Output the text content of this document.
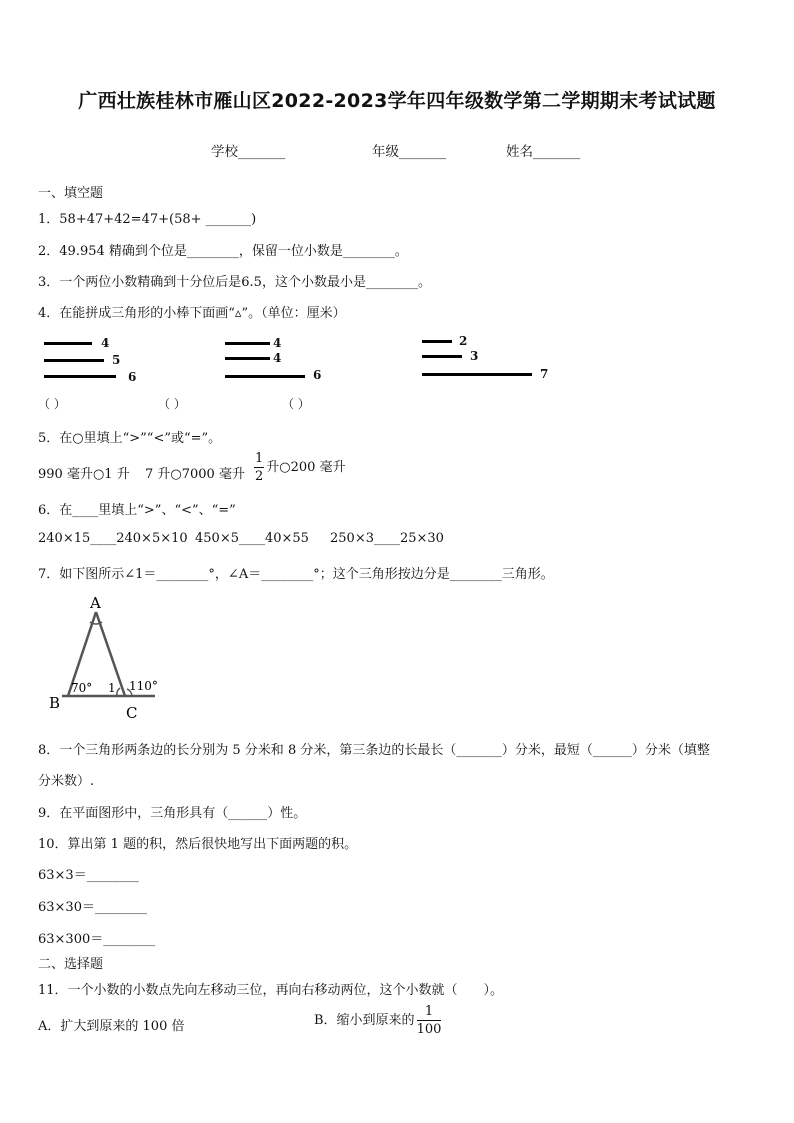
广西壮族桂林市雁山区2022-2023学年四年级数学第二学期期末考试试题
学校_______	年级_______	姓名_______
一、填空题
1．58+47+42=47+(58+ _______)
2．49.954 精确到个位是________，保留一位小数是________。
3．一个两位小数精确到十分位后是6.5，这个小数最小是________。
4．在能拼成三角形的小棒下面画“▵”。（单位：厘米）
4
5
6
（ ）
4
4
6
（ ）
2
3
7
（ ）
5．在○里填上“>”“<”或“=”。
990 毫升○1 升 7 升○7000 毫升 $\frac{1}{2}$ 升○200 毫升
6．在____里填上“>”、“<”、“=”
240×15____240×5×10 450×5____40×55 250×3____25×30
7．如下图所示∠1＝________°，∠A＝________°；这个三角形按边分是________三角形。
A
B
C
70° 1 110°
8．一个三角形两条边的长分别为 5 分米和 8 分米，第三条边的长最长（_______）分米，最短（______）分米（填整
分米数）.
9．在平面图形中，三角形具有（______）性。
10．算出第 1 题的积，然后很快地写出下面两题的积。
63×3＝________
63×30＝________
63×300＝________
二、选择题
11．一个小数的小数点先向左移动三位，再向右移动两位，这个小数就（　　）。
A．扩大到原来的 100 倍	B．缩小到原来的 $\frac{1}{100}$
